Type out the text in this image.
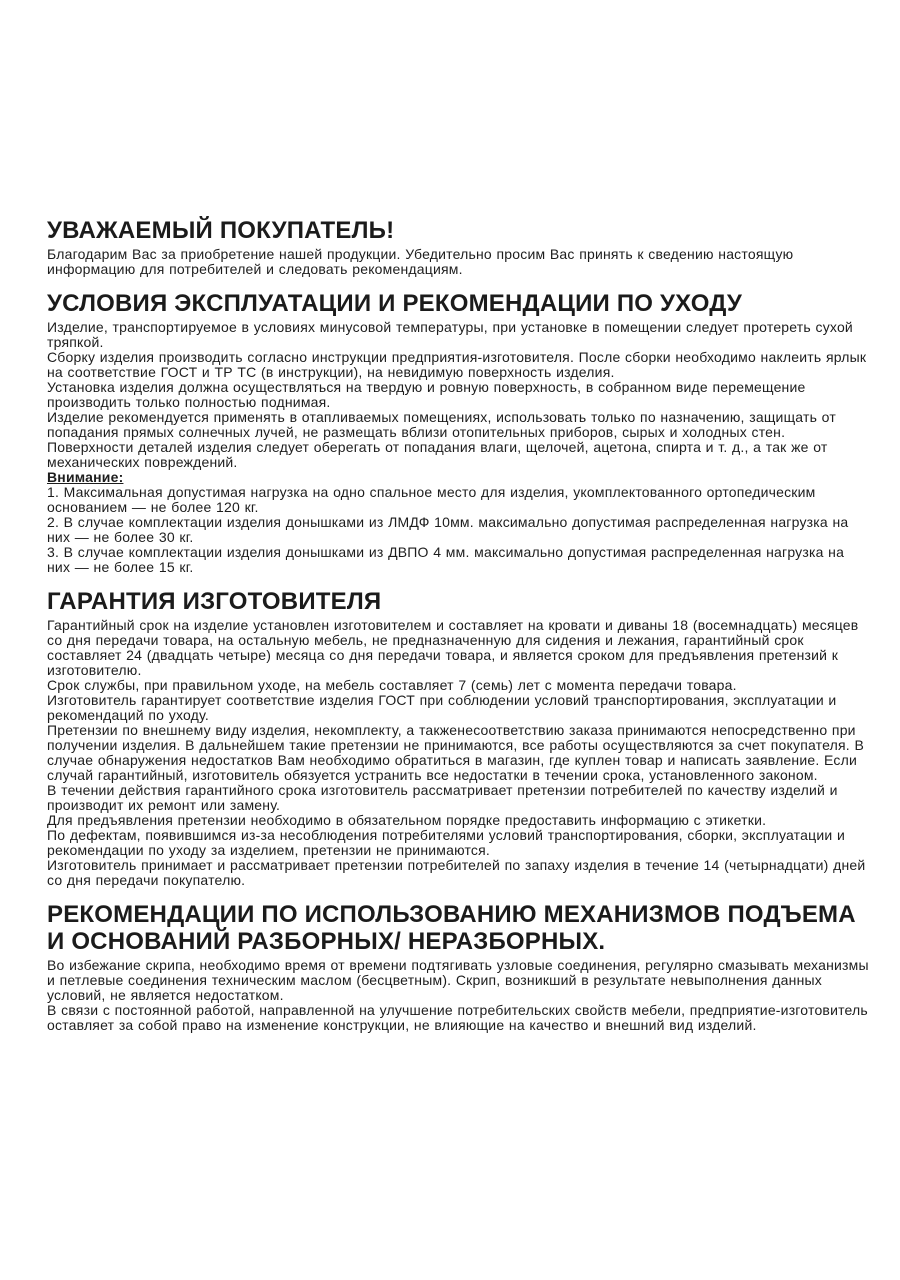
УВАЖАЕМЫЙ ПОКУПАТЕЛЬ!

Благодарим Вас за приобретение нашей продукции. Убедительно просим Вас принять к сведению настоящую информацию для потребителей и следовать рекомендациям.

УСЛОВИЯ ЭКСПЛУАТАЦИИ И РЕКОМЕНДАЦИИ ПО УХОДУ

Изделие, транспортируемое в условиях минусовой температуры, при установке в помещении следует протереть сухой тряпкой.

Сборку изделия производить согласно инструкции предприятия-изготовителя. После сборки необходимо наклеить ярлык на соответствие ГОСТ и ТР ТС (в инструкции), на невидимую поверхность изделия.

Установка изделия должна осуществляться на твердую и ровную поверхность, в собранном виде перемещение производить только полностью поднимая.

Изделие рекомендуется применять в отапливаемых помещениях, использовать только по назначению, защищать от попадания прямых солнечных лучей, не размещать вблизи отопительных приборов, сырых и холодных стен.

Поверхности деталей изделия следует оберегать от попадания влаги, щелочей, ацетона, спирта и т. д., а так же от механических повреждений.

Внимание:

1. Максимальная допустимая нагрузка на одно спальное место для изделия, укомплектованного ортопедическим основанием — не более 120 кг.

2. В случае комплектации изделия донышками из ЛМДФ 10мм. максимально допустимая распределенная нагрузка на них — не более 30 кг.

3. В случае комплектации изделия донышками из ДВПО 4 мм. максимально допустимая распределенная нагрузка на них — не более 15 кг.

ГАРАНТИЯ ИЗГОТОВИТЕЛЯ

Гарантийный срок на изделие установлен изготовителем и составляет на кровати и диваны 18 (восемнадцать) месяцев со дня передачи товара, на остальную мебель, не предназначенную для сидения и лежания, гарантийный срок составляет 24 (двадцать четыре) месяца со дня передачи товара, и является сроком для предъявления претензий к изготовителю.

Срок службы, при правильном уходе, на мебель составляет 7 (семь) лет с момента передачи товара.

Изготовитель гарантирует соответствие изделия ГОСТ при соблюдении условий транспортирования, эксплуатации и рекомендаций по уходу.

Претензии по внешнему виду изделия, некомплекту, а такженесоответствию заказа принимаются непосредственно при получении изделия. В дальнейшем такие претензии не принимаются, все работы осуществляются за счет покупателя. В случае обнаружения недостатков Вам необходимо обратиться в магазин, где куплен товар и написать заявление. Если случай гарантийный, изготовитель обязуется устранить все недостатки в течении срока, установленного законом.

В течении действия гарантийного срока изготовитель рассматривает претензии потребителей по качеству изделий и производит их ремонт или замену.

Для предъявления претензии необходимо в обязательном порядке предоставить информацию с этикетки.

По дефектам, появившимся из-за несоблюдения потребителями условий транспортирования, сборки, эксплуатации и рекомендации по уходу за изделием, претензии не принимаются.

Изготовитель принимает и рассматривает претензии потребителей по запаху изделия в течение 14 (четырнадцати) дней со дня передачи покупателю.

РЕКОМЕНДАЦИИ ПО ИСПОЛЬЗОВАНИЮ МЕХАНИЗМОВ ПОДЪЕМА
И ОСНОВАНИЙ РАЗБОРНЫХ/ НЕРАЗБОРНЫХ.

Во избежание скрипа, необходимо время от времени подтягивать узловые соединения, регулярно смазывать механизмы и петлевые соединения техническим маслом (бесцветным). Скрип, возникший в результате невыполнения данных условий, не является недостатком.

В связи с постоянной работой, направленной на улучшение потребительских свойств мебели, предприятие-изготовитель оставляет за собой право на изменение конструкции, не влияющие на качество и внешний вид изделий.
